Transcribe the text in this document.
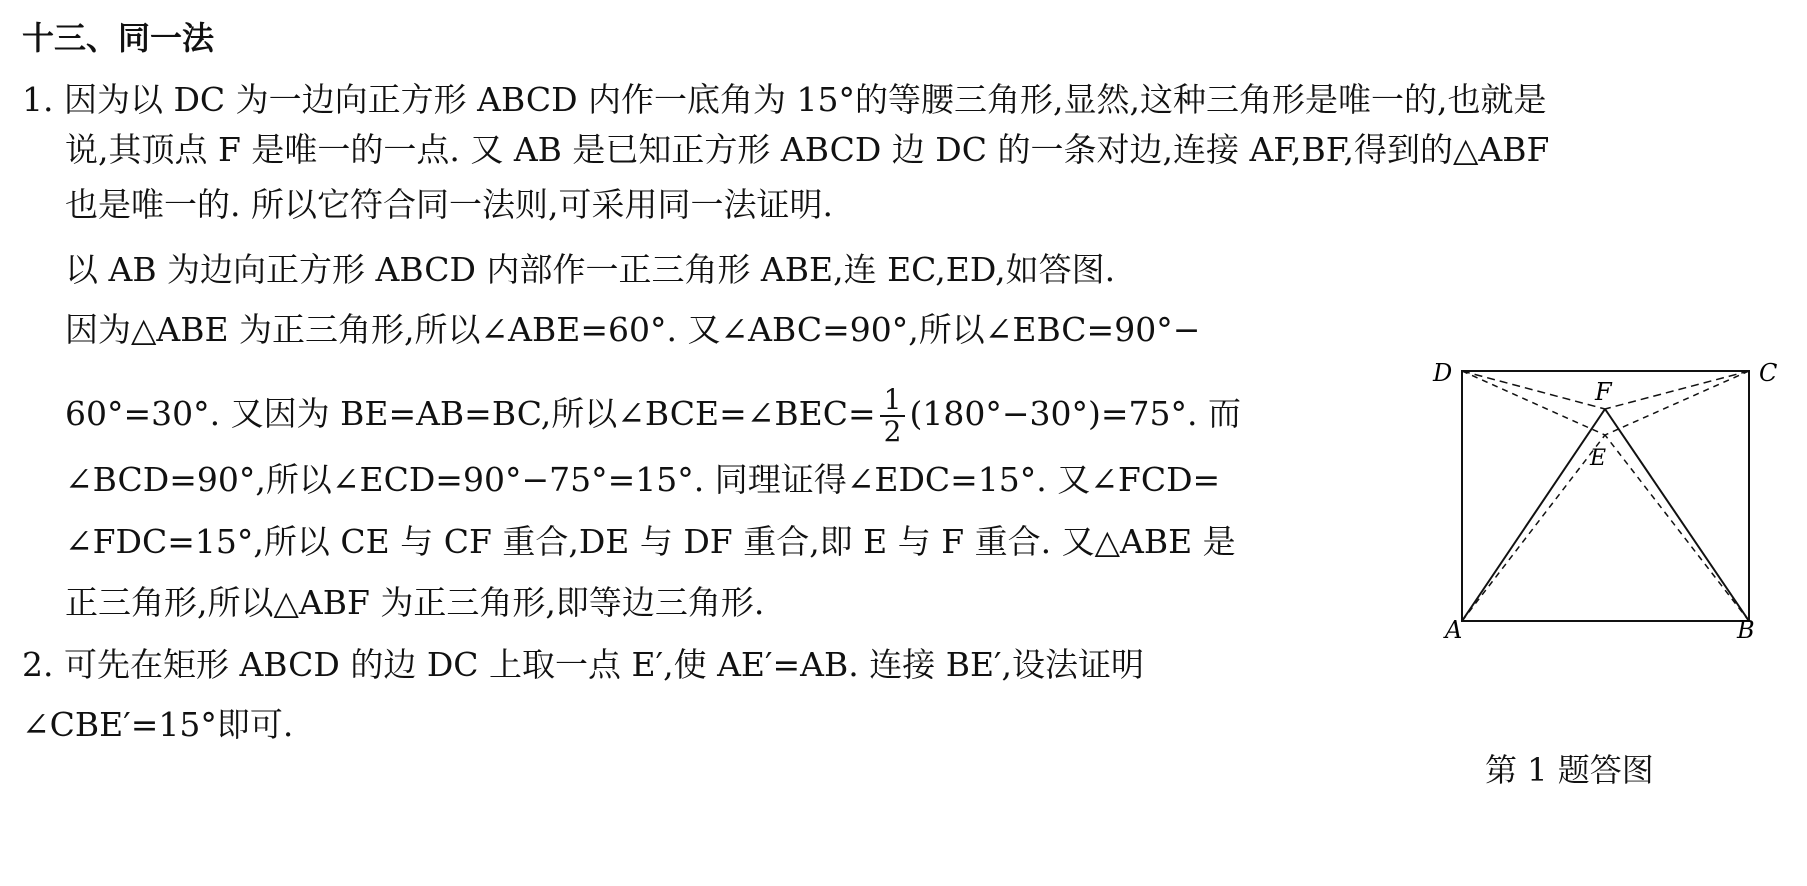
十三、同一法
1. 因为以 DC 为一边向正方形 ABCD 内作一底角为 15°的等腰三角形,显然,这种三角形是唯一的,也就是
说,其顶点 F 是唯一的一点. 又 AB 是已知正方形 ABCD 边 DC 的一条对边,连接 AF,BF,得到的△ABF
也是唯一的. 所以它符合同一法则,可采用同一法证明.
以 AB 为边向正方形 ABCD 内部作一正三角形 ABE,连 EC,ED,如答图.
因为△ABE 为正三角形,所以∠ABE=60°. 又∠ABC=90°,所以∠EBC=90°−
60°=30°. 又因为 BE=AB=BC,所以∠BCE=∠BEC= $\frac{1}{2} (180^\circ-30^\circ)=75^\circ$. 而
∠BCD=90°,所以∠ECD=90°−75°=15°. 同理证得∠EDC=15°. 又∠FCD=
∠FDC=15°,所以 CE 与 CF 重合,DE 与 DF 重合,即 E 与 F 重合. 又△ABE 是
正三角形,所以△ABF 为正三角形,即等边三角形.
2. 可先在矩形 ABCD 的边 DC 上取一点 E′,使 AE′=AB. 连接 BE′,设法证明
∠CBE′=15°即可.
D	C
F
E
A	B
第 1 题答图
